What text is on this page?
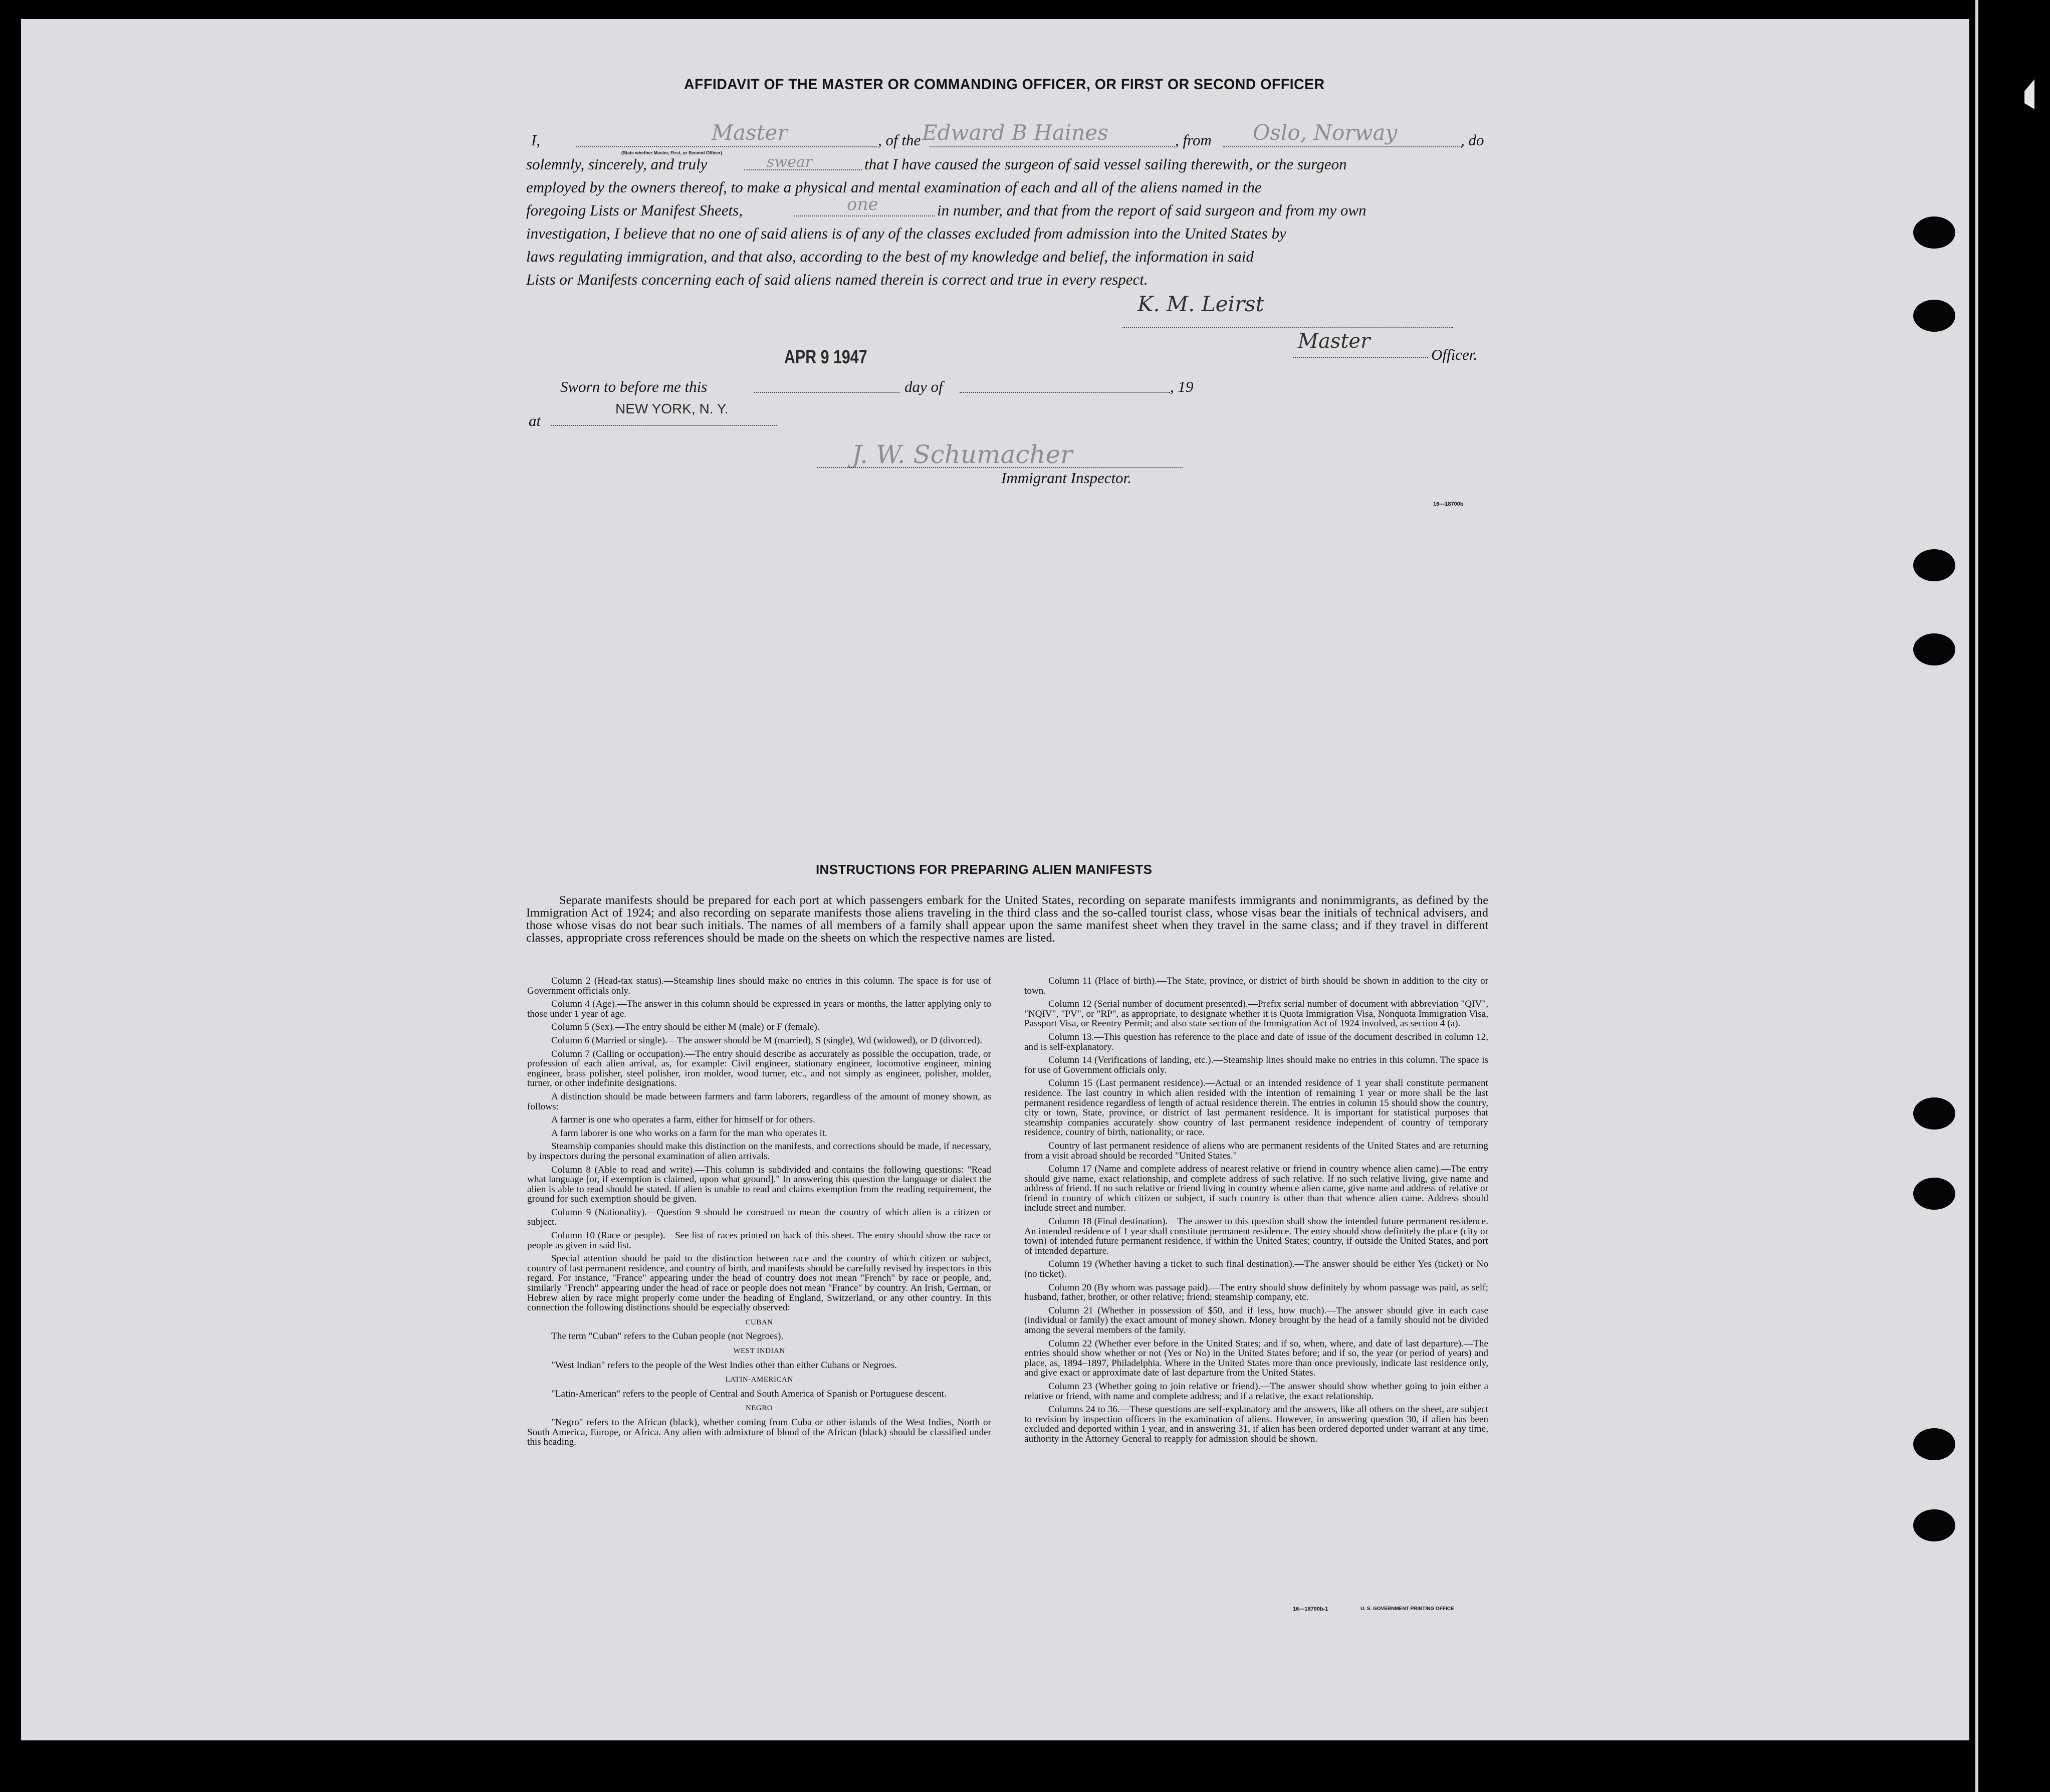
AFFIDAVIT OF THE MASTER OR COMMANDING OFFICER, OR FIRST OR SECOND OFFICER
I,	Master
(State whether Master, First, or Second Officer)
, of the Edward B Haines	, from Oslo, Norway	, do
solemnly, sincerely, and truly	swear	that I have caused the surgeon of said vessel sailing therewith, or the surgeon
employed by the owners thereof, to make a physical and mental examination of each and all of the aliens named in the
foregoing Lists or Manifest Sheets,	one	in number, and that from the report of said surgeon and from my own
investigation, I believe that no one of said aliens is of any of the classes excluded from admission into the United States by
laws regulating immigration, and that also, according to the best of my knowledge and belief, the information in said
Lists or Manifests concerning each of said aliens named therein is correct and true in every respect.
K. M. Leirst
Master
Officer.
APR 9 1947
Sworn to before me this	day of	, 19
at
NEW YORK, N. Y.
J. W. Schumacher
Immigrant Inspector.
16—18700b
INSTRUCTIONS FOR PREPARING ALIEN MANIFESTS
Separate manifests should be prepared for each port at which passengers embark for the United States, recording on separate manifests immigrants and nonimmigrants, as defined by the Immigration Act of 1924; and also recording on separate manifests those aliens traveling in the third class and the so-called tourist class, whose visas bear the initials of technical advisers, and those whose visas do not bear such initials. The names of all members of a family shall appear upon the same manifest sheet when they travel in the same class; and if they travel in different classes, appropriate cross references should be made on the sheets on which the respective names are listed.

Column 2 (Head-tax status).—Steamship lines should make no entries in this column. The space is for use of Government officials only.

Column 4 (Age).—The answer in this column should be expressed in years or months, the latter applying only to those under 1 year of age.

Column 5 (Sex).—The entry should be either M (male) or F (female).

Column 6 (Married or single).—The answer should be M (married), S (single), Wd (widowed), or D (divorced).

Column 7 (Calling or occupation).—The entry should describe as accurately as possible the occupation, trade, or profession of each alien arrival, as, for example: Civil engineer, stationary engineer, locomotive engineer, mining engineer, brass polisher, steel polisher, iron molder, wood turner, etc., and not simply as engineer, polisher, molder, turner, or other indefinite designations.

A distinction should be made between farmers and farm laborers, regardless of the amount of money shown, as follows:

A farmer is one who operates a farm, either for himself or for others.

A farm laborer is one who works on a farm for the man who operates it.

Steamship companies should make this distinction on the manifests, and corrections should be made, if necessary, by inspectors during the personal examination of alien arrivals.

Column 8 (Able to read and write).—This column is subdivided and contains the following questions: "Read what language [or, if exemption is claimed, upon what ground]." In answering this question the language or dialect the alien is able to read should be stated. If alien is unable to read and claims exemption from the reading requirement, the ground for such exemption should be given.

Column 9 (Nationality).—Question 9 should be construed to mean the country of which alien is a citizen or subject.

Column 10 (Race or people).—See list of races printed on back of this sheet. The entry should show the race or people as given in said list.

Special attention should be paid to the distinction between race and the country of which citizen or subject, country of last permanent residence, and country of birth, and manifests should be carefully revised by inspectors in this regard. For instance, "France" appearing under the head of country does not mean "French" by race or people, and, similarly "French" appearing under the head of race or people does not mean "France" by country. An Irish, German, or Hebrew alien by race might properly come under the heading of England, Switzerland, or any other country. In this connection the following distinctions should be especially observed:

CUBAN

The term "Cuban" refers to the Cuban people (not Negroes).

WEST INDIAN

"West Indian" refers to the people of the West Indies other than either Cubans or Negroes.

LATIN-AMERICAN

"Latin-American" refers to the people of Central and South America of Spanish or Portuguese descent.

NEGRO

"Negro" refers to the African (black), whether coming from Cuba or other islands of the West Indies, North or South America, Europe, or Africa. Any alien with admixture of blood of the African (black) should be classified under this heading.

Column 11 (Place of birth).—The State, province, or district of birth should be shown in addition to the city or town.

Column 12 (Serial number of document presented).—Prefix serial number of document with abbreviation "QIV", "NQIV", "PV", or "RP", as appropriate, to designate whether it is Quota Immigration Visa, Nonquota Immigration Visa, Passport Visa, or Reentry Permit; and also state section of the Immigration Act of 1924 involved, as section 4 (a).

Column 13.—This question has reference to the place and date of issue of the document described in column 12, and is self-explanatory.

Column 14 (Verifications of landing, etc.).—Steamship lines should make no entries in this column. The space is for use of Government officials only.

Column 15 (Last permanent residence).—Actual or an intended residence of 1 year shall constitute permanent residence. The last country in which alien resided with the intention of remaining 1 year or more shall be the last permanent residence regardless of length of actual residence therein. The entries in column 15 should show the country, city or town, State, province, or district of last permanent residence. It is important for statistical purposes that steamship companies accurately show country of last permanent residence independent of country of temporary residence, country of birth, nationality, or race.

Country of last permanent residence of aliens who are permanent residents of the United States and are returning from a visit abroad should be recorded "United States."

Column 17 (Name and complete address of nearest relative or friend in country whence alien came).—The entry should give name, exact relationship, and complete address of such relative. If no such relative living, give name and address of friend. If no such relative or friend living in country whence alien came, give name and address of relative or friend in country of which citizen or subject, if such country is other than that whence alien came. Address should include street and number.

Column 18 (Final destination).—The answer to this question shall show the intended future permanent residence. An intended residence of 1 year shall constitute permanent residence. The entry should show definitely the place (city or town) of intended future permanent residence, if within the United States; country, if outside the United States, and port of intended departure.

Column 19 (Whether having a ticket to such final destination).—The answer should be either Yes (ticket) or No (no ticket).

Column 20 (By whom was passage paid).—The entry should show definitely by whom passage was paid, as self; husband, father, brother, or other relative; friend; steamship company, etc.

Column 21 (Whether in possession of $50, and if less, how much).—The answer should give in each case (individual or family) the exact amount of money shown. Money brought by the head of a family should not be divided among the several members of the family.

Column 22 (Whether ever before in the United States; and if so, when, where, and date of last departure).—The entries should show whether or not (Yes or No) in the United States before; and if so, the year (or period of years) and place, as, 1894–1897, Philadelphia. Where in the United States more than once previously, indicate last residence only, and give exact or approximate date of last departure from the United States.

Column 23 (Whether going to join relative or friend).—The answer should show whether going to join either a relative or friend, with name and complete address; and if a relative, the exact relationship.

Columns 24 to 36.—These questions are self-explanatory and the answers, like all others on the sheet, are subject to revision by inspection officers in the examination of aliens. However, in answering question 30, if alien has been excluded and deported within 1 year, and in answering 31, if alien has been ordered deported under warrant at any time, authority in the Attorney General to reapply for admission should be shown.

16—18700b-1	U. S. GOVERNMENT PRINTING OFFICE
